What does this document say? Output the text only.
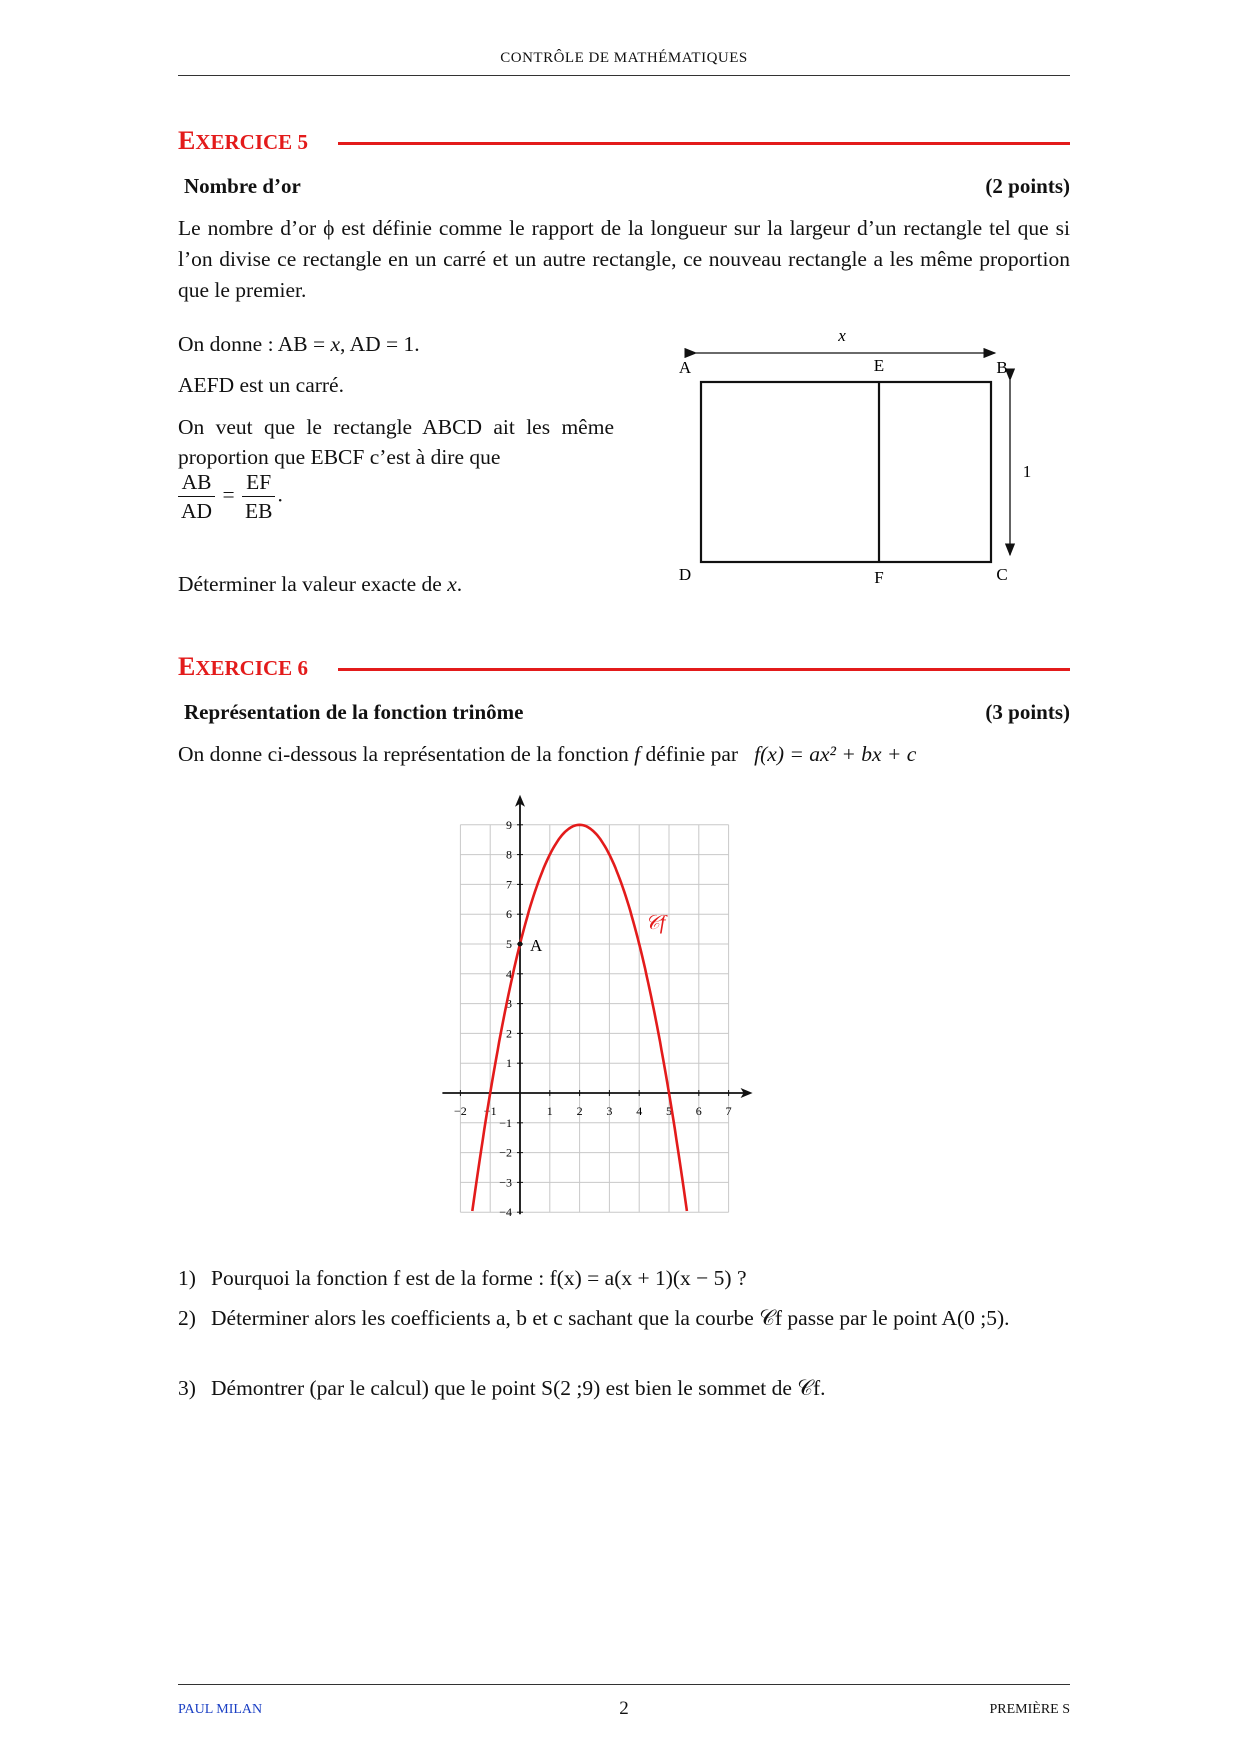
CONTRÔLE DE MATHÉMATIQUES
EXERCICE 5
Nombre d’or	(2 points)
Le nombre d’or ϕ est définie comme le rapport de la longueur sur la largeur d’un rectangle tel que si l’on divise ce rectangle en un carré et un autre rectangle, ce nouveau rectangle a les même proportion que le premier.
On donne : AB = x, AD = 1.
AEFD est un carré.
On veut que le rectangle ABCD ait les même proportion que EBCF c’est à dire que
$\frac{AB}{AD} = \frac{EF}{EB}$ .
Déterminer la valeur exacte de x.
x
A	E	B
D	F	C
1
EXERCICE 6
Représentation de la fonction trinôme	(3 points)
On donne ci-dessous la représentation de la fonction f définie par   f(x) = ax² + bx + c
−2 −1	1 2 3 4 5 6 7
−4
−3
−2
−1
1
2
3
4
5
6
7
8
9
A
𝒞f
1) Pourquoi la fonction f est de la forme : f(x) = a(x + 1)(x − 5) ?
2) Déterminer alors les coefficients a, b et c sachant que la courbe 𝒞f passe par le point A(0 ;5).
3) Démontrer (par le calcul) que le point S(2 ;9) est bien le sommet de 𝒞f.
PAUL MILAN	2	PREMIÈRE S
